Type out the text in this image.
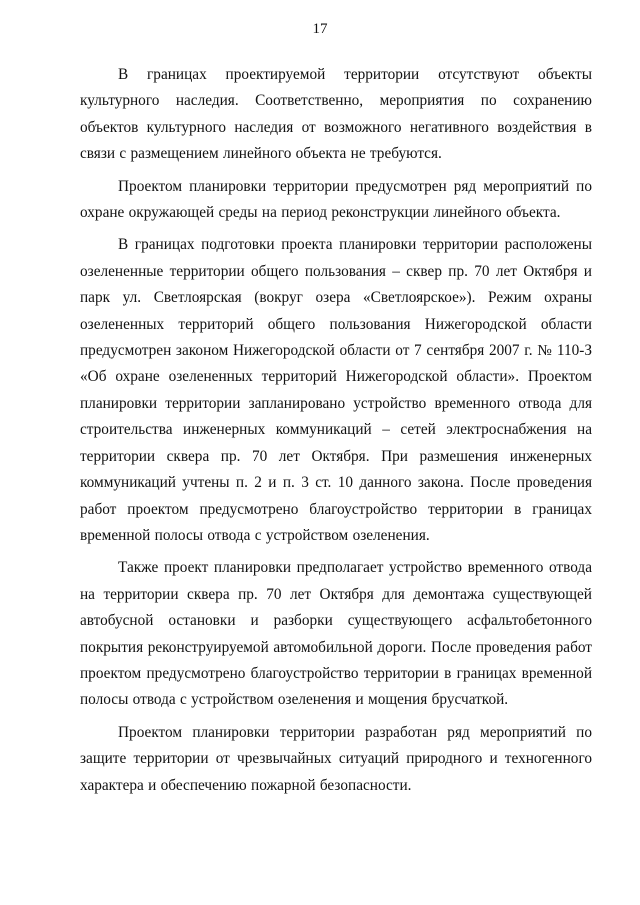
17

В границах проектируемой территории отсутствуют объекты культурного наследия. Соответственно, мероприятия по сохранению объектов культурного наследия от возможного негативного воздействия в связи с размещением линейного объекта не требуются.

Проектом планировки территории предусмотрен ряд мероприятий по охране окружающей среды на период реконструкции линейного объекта.

В границах подготовки проекта планировки территории расположены озелененные территории общего пользования – сквер пр. 70 лет Октября и парк ул. Светлоярская (вокруг озера «Светлоярское»). Режим охраны озелененных территорий общего пользования Нижегородской области предусмотрен законом Нижегородской области от 7 сентября 2007 г. № 110-З «Об охране озелененных территорий Нижегородской области». Проектом планировки территории запланировано устройство временного отвода для строительства инженерных коммуникаций – сетей электроснабжения на территории сквера пр. 70 лет Октября. При размешения инженерных коммуникаций учтены п. 2 и п. 3 ст. 10 данного закона. После проведения работ проектом предусмотрено благоустройство территории в границах временной полосы отвода с устройством озеленения.

Также проект планировки предполагает устройство временного отвода на территории сквера пр. 70 лет Октября для демонтажа существующей автобусной остановки и разборки существующего асфальтобетонного покрытия реконструируемой автомобильной дороги. После проведения работ проектом предусмотрено благоустройство территории в границах временной полосы отвода с устройством озеленения и мощения брусчаткой.

Проектом планировки территории разработан ряд мероприятий по защите территории от чрезвычайных ситуаций природного и техногенного характера и обеспечению пожарной безопасности.
